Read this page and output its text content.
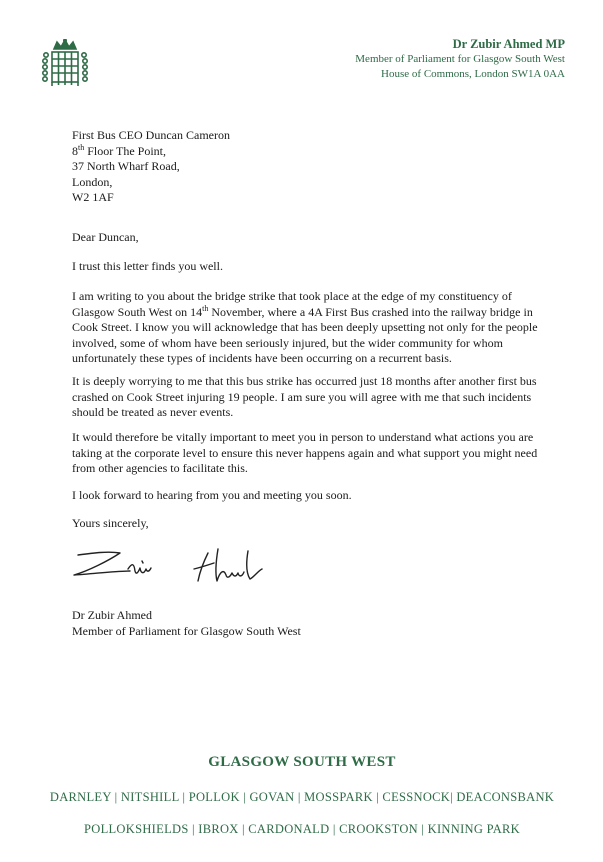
Dr Zubir Ahmed MP
Member of Parliament for Glasgow South West
House of Commons, London SW1A 0AA
First Bus CEO Duncan Cameron
8th Floor The Point,
37 North Wharf Road,
London,
W2 1AF

Dear Duncan,

I trust this letter finds you well.

I am writing to you about the bridge strike that took place at the edge of my constituency of Glasgow South West on 14th November, where a 4A First Bus crashed into the railway bridge in Cook Street. I know you will acknowledge that has been deeply upsetting not only for the people involved, some of whom have been seriously injured, but the wider community for whom unfortunately these types of incidents have been occurring on a recurrent basis.

It is deeply worrying to me that this bus strike has occurred just 18 months after another first bus crashed on Cook Street injuring 19 people. I am sure you will agree with me that such incidents should be treated as never events.

It would therefore be vitally important to meet you in person to understand what actions you are taking at the corporate level to ensure this never happens again and what support you might need from other agencies to facilitate this.

I look forward to hearing from you and meeting you soon.

Yours sincerely,

Dr Zubir Ahmed
Member of Parliament for Glasgow South West
GLASGOW SOUTH WEST
DARNLEY | NITSHILL | POLLOK | GOVAN | MOSSPARK | CESSNOCK| DEACONSBANK
POLLOKSHIELDS | IBROX | CARDONALD | CROOKSTON | KINNING PARK
